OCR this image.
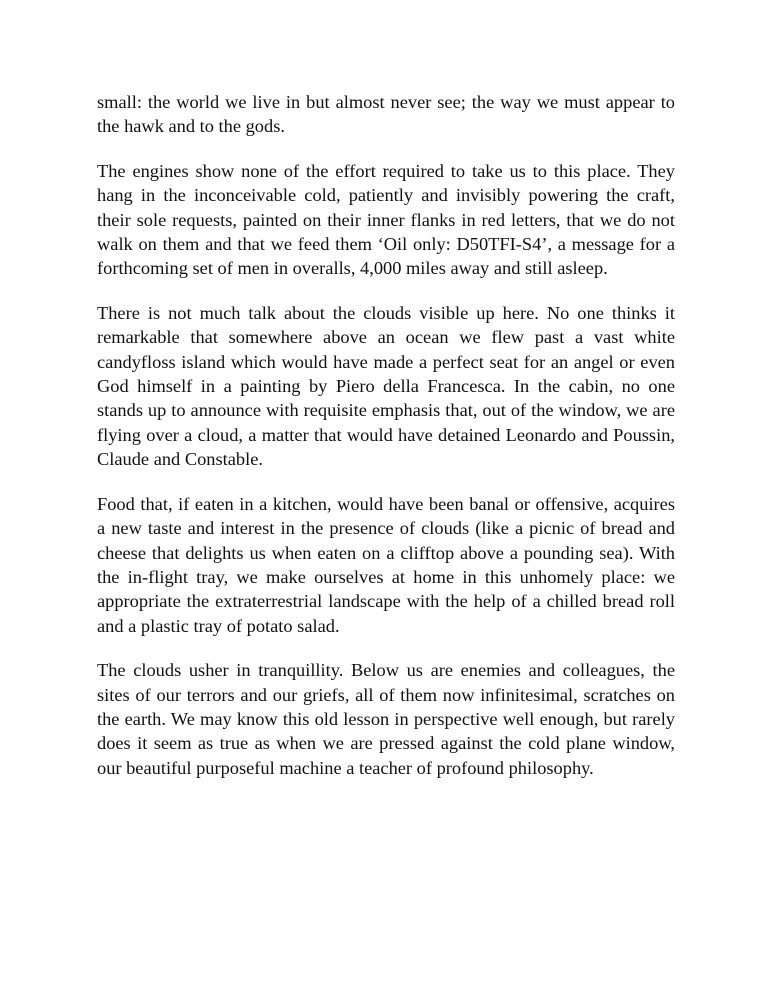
small: the world we live in but almost never see; the way we must appear to the hawk and to the gods.

The engines show none of the effort required to take us to this place. They hang in the inconceivable cold, patiently and invisibly powering the craft, their sole requests, painted on their inner flanks in red letters, that we do not walk on them and that we feed them ‘Oil only: D50TFI-S4’, a message for a forthcoming set of men in overalls, 4,000 miles away and still asleep.

There is not much talk about the clouds visible up here. No one thinks it remarkable that somewhere above an ocean we flew past a vast white candyfloss island which would have made a perfect seat for an angel or even God himself in a painting by Piero della Francesca. In the cabin, no one stands up to announce with requisite emphasis that, out of the window, we are flying over a cloud, a matter that would have detained Leonardo and Poussin, Claude and Constable.

Food that, if eaten in a kitchen, would have been banal or offensive, acquires a new taste and interest in the presence of clouds (like a picnic of bread and cheese that delights us when eaten on a clifftop above a pounding sea). With the in-flight tray, we make ourselves at home in this unhomely place: we appropriate the extraterrestrial landscape with the help of a chilled bread roll and a plastic tray of potato salad.

The clouds usher in tranquillity. Below us are enemies and colleagues, the sites of our terrors and our griefs, all of them now infinitesimal, scratches on the earth. We may know this old lesson in perspective well enough, but rarely does it seem as true as when we are pressed against the cold plane window, our beautiful purposeful machine a teacher of profound philosophy.
